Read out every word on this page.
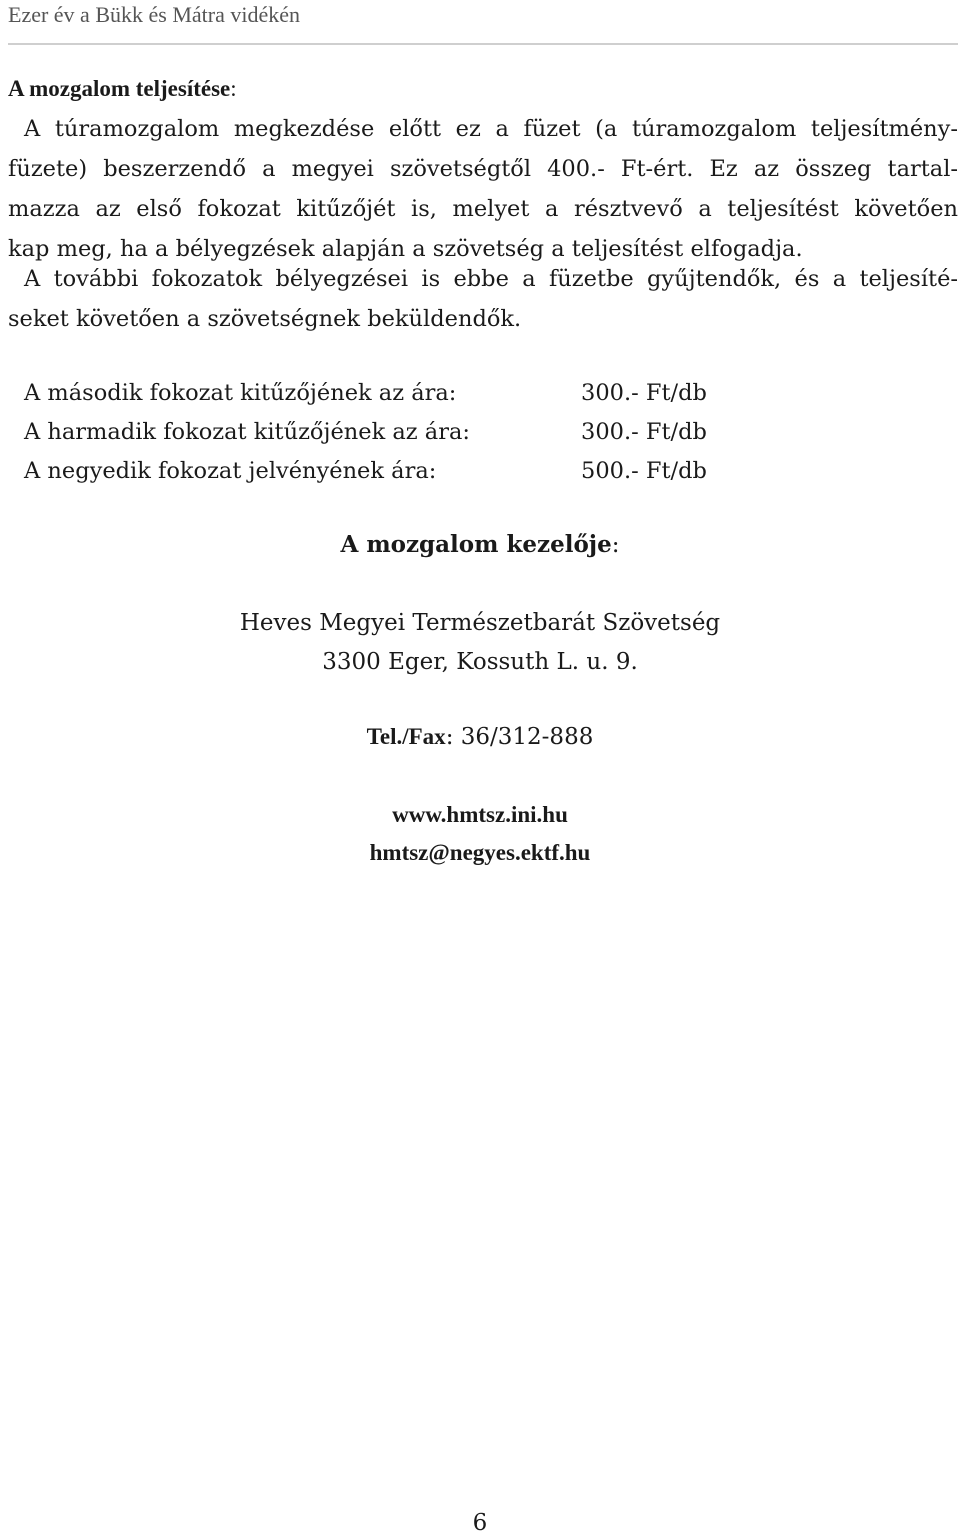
Ezer év a Bükk és Mátra vidékén
A mozgalom teljesítése:
A túramozgalom megkezdése előtt ez a füzet (a túramozgalom teljesítmény-
füzete) beszerzendő a megyei szövetségtől 400.- Ft-ért. Ez az összeg tartal-
mazza az első fokozat kitűzőjét is, melyet a résztvevő a teljesítést követően
kap meg, ha a bélyegzések alapján a szövetség a teljesítést elfogadja.
A további fokozatok bélyegzései is ebbe a füzetbe gyűjtendők, és a teljesíté-
seket követően a szövetségnek beküldendők.
A második fokozat kitűzőjének az ára:	300.- Ft/db
A harmadik fokozat kitűzőjének az ára:	300.- Ft/db
A negyedik fokozat jelvényének ára:	500.- Ft/db
A mozgalom kezelője:
Heves Megyei Természetbarát Szövetség
3300 Eger, Kossuth L. u. 9.
Tel./Fax: 36/312-888
www.hmtsz.ini.hu
hmtsz@negyes.ektf.hu
6
